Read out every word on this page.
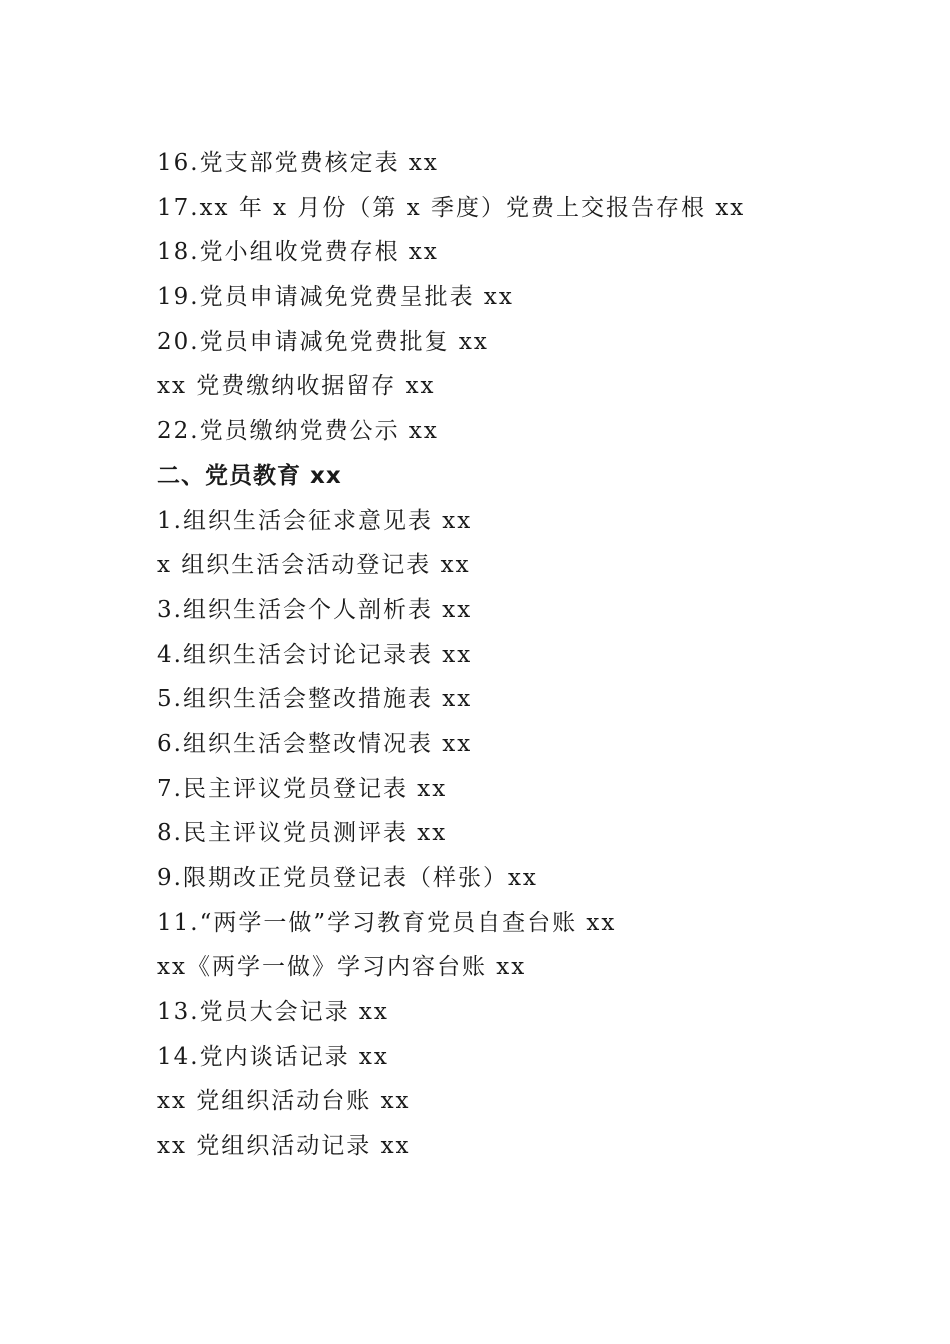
16.党支部党费核定表 xx
17.xx 年 x 月份（第 x 季度）党费上交报告存根 xx
18.党小组收党费存根 xx
19.党员申请减免党费呈批表 xx
20.党员申请减免党费批复 xx
xx 党费缴纳收据留存 xx
22.党员缴纳党费公示 xx
二、党员教育 xx
1.组织生活会征求意见表 xx
x 组织生活会活动登记表 xx
3.组织生活会个人剖析表 xx
4.组织生活会讨论记录表 xx
5.组织生活会整改措施表 xx
6.组织生活会整改情况表 xx
7.民主评议党员登记表 xx
8.民主评议党员测评表 xx
9.限期改正党员登记表（样张）xx
11.“两学一做”学习教育党员自查台账 xx
xx《两学一做》学习内容台账 xx
13.党员大会记录 xx
14.党内谈话记录 xx
xx 党组织活动台账 xx
xx 党组织活动记录 xx
